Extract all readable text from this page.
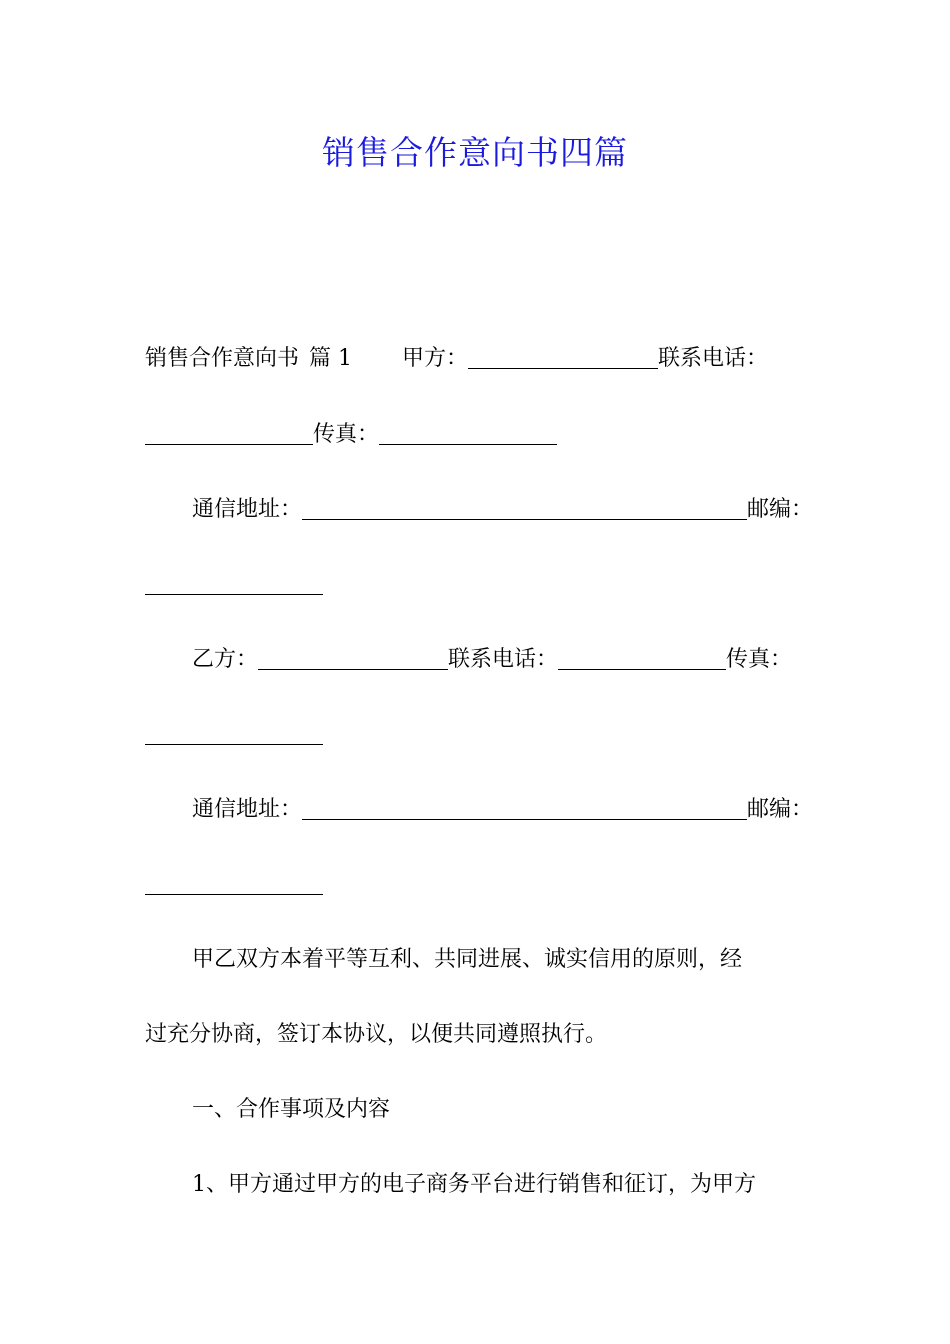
销售合作意向书四篇
销售合作意向书 篇 1 甲方：	联系电话：
传真：
通信地址：	邮编：
乙方：	联系电话：	传真：
通信地址：	邮编：
甲乙双方本着平等互利、共同进展、诚实信用的原则，经
过充分协商，签订本协议，以便共同遵照执行。
一、合作事项及内容
1、甲方通过甲方的电子商务平台进行销售和征订，为甲方
